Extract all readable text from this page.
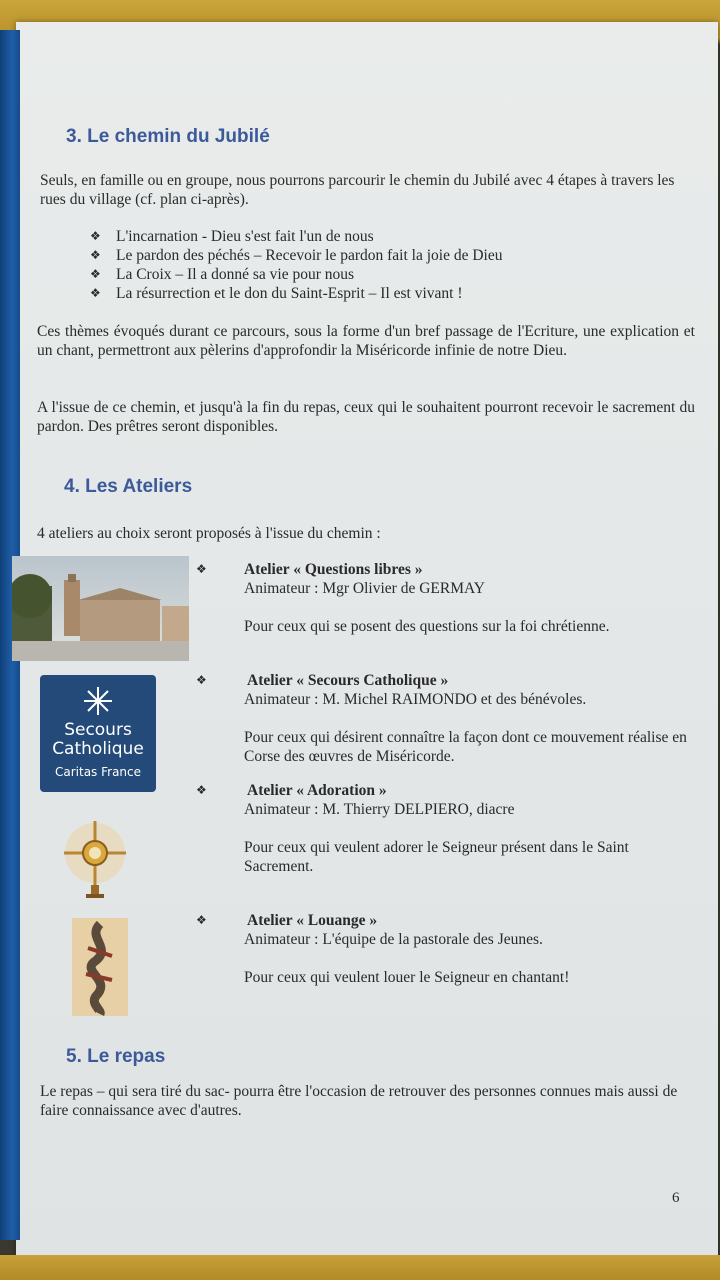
3. Le chemin du Jubilé
Seuls, en famille ou en groupe, nous pourrons parcourir le chemin du Jubilé avec 4 étapes à travers les rues du village (cf. plan ci-après).
❖ L'incarnation - Dieu s'est fait l'un de nous
❖ Le pardon des péchés – Recevoir le pardon fait la joie de Dieu
❖ La Croix – Il a donné sa vie pour nous
❖ La résurrection et le don du Saint-Esprit – Il est vivant !
Ces thèmes évoqués durant ce parcours, sous la forme d'un bref passage de l'Ecriture, une explication et un chant, permettront aux pèlerins d'approfondir la Miséricorde infinie de notre Dieu.
A l'issue de ce chemin, et jusqu'à la fin du repas, ceux qui le souhaitent pourront recevoir le sacrement du pardon. Des prêtres seront disponibles.
4. Les Ateliers
4 ateliers au choix seront proposés à l'issue du chemin :
Secours
Catholique
Caritas France
❖ Atelier « Questions libres »
Animateur : Mgr Olivier de GERMAY
Pour ceux qui se posent des questions sur la foi chrétienne.
❖	Atelier « Secours Catholique »
Animateur : M. Michel RAIMONDO et des bénévoles.
Pour ceux qui désirent connaître la façon dont ce mouvement réalise en Corse des œuvres de Miséricorde.
❖	Atelier « Adoration »
Animateur : M. Thierry DELPIERO, diacre
Pour ceux qui veulent adorer le Seigneur présent dans le Saint Sacrement.
❖	Atelier « Louange »
Animateur : L'équipe de la pastorale des Jeunes.
Pour ceux qui veulent louer le Seigneur en chantant!
5. Le repas
Le repas – qui sera tiré du sac- pourra être l'occasion de retrouver des personnes connues mais aussi de faire connaissance avec d'autres.
6
